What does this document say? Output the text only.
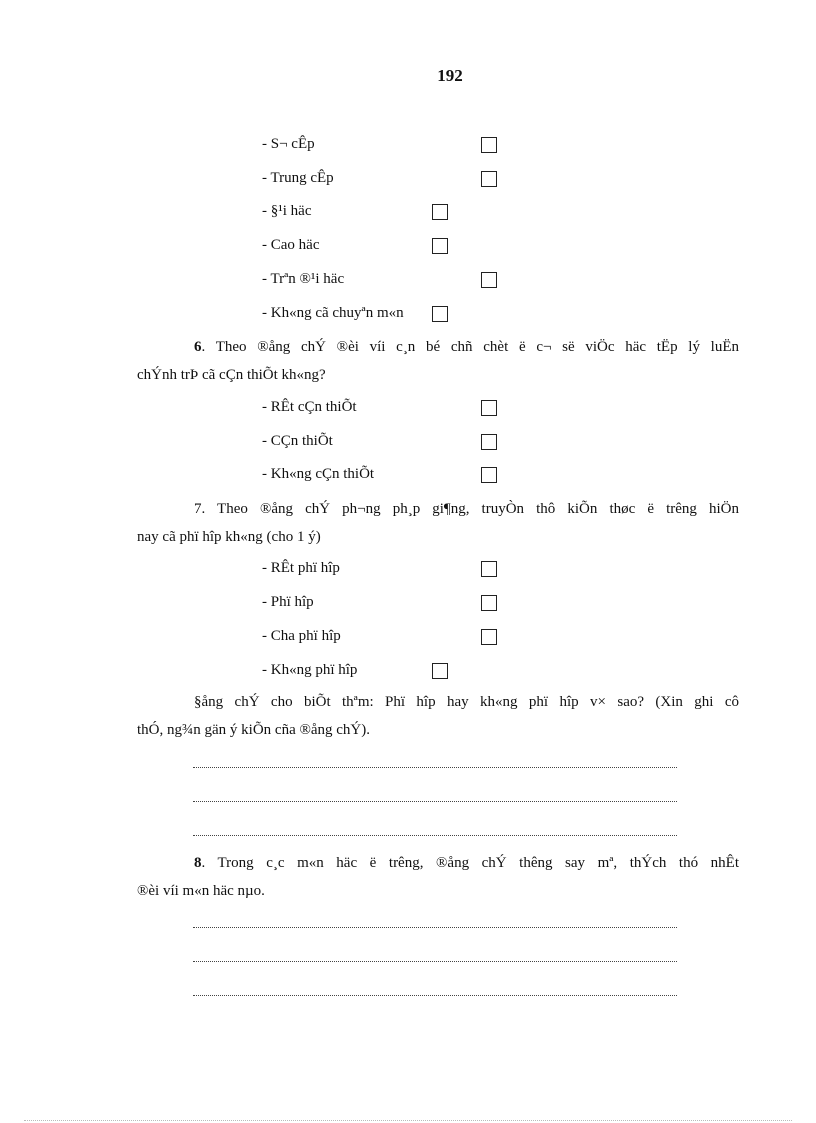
192
- S¬ cÊp
- Trung cÊp
- §¹i häc
- Cao häc
- Trªn ®¹i häc
- Kh«ng cã chuyªn m«n
6. Theo ®ång chÝ ®èi víi c¸n bé chñ chèt ë c¬ së viÖc häc tËp lý luËn
chÝnh trÞ cã cÇn thiÕt kh«ng?
- RÊt cÇn thiÕt
- CÇn thiÕt
- Kh«ng cÇn thiÕt
7. Theo ®ång chÝ ph¬ng ph¸p gi¶ng, truyÒn thô kiÕn thøc ë trêng hiÖn
nay cã phï hîp kh«ng (cho 1 ý)
- RÊt phï hîp
- Phï hîp
- Cha phï hîp
- Kh«ng phï hîp
§ång chÝ cho biÕt thªm: Phï hîp hay kh«ng phï hîp v× sao? (Xin ghi cô
thÓ, ng¾n gän ý kiÕn cña ®ång chÝ).
8. Trong c¸c m«n häc ë trêng, ®ång chÝ thêng say mª, thÝch thó nhÊt
®èi víi m«n häc nµo.
